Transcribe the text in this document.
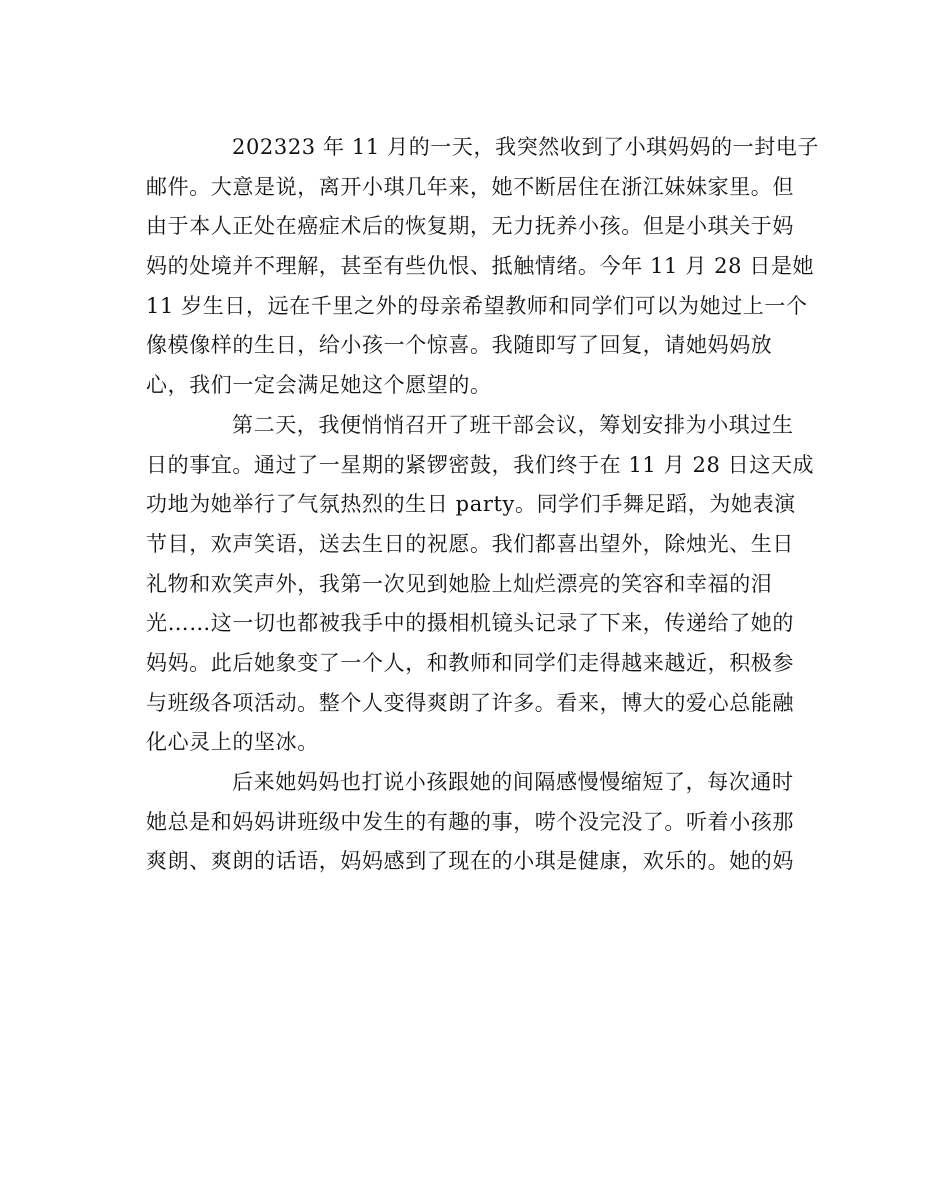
202323 年 11 月的一天，我突然收到了小琪妈妈的一封电子
邮件。大意是说，离开小琪几年来，她不断居住在浙江妹妹家里。但
由于本人正处在癌症术后的恢复期，无力抚养小孩。但是小琪关于妈
妈的处境并不理解，甚至有些仇恨、抵触情绪。今年 11 月 28 日是她
11 岁生日，远在千里之外的母亲希望教师和同学们可以为她过上一个
像模像样的生日，给小孩一个惊喜。我随即写了回复，请她妈妈放
心，我们一定会满足她这个愿望的。
第二天，我便悄悄召开了班干部会议，筹划安排为小琪过生
日的事宜。通过了一星期的紧锣密鼓，我们终于在 11 月 28 日这天成
功地为她举行了气氛热烈的生日 party。同学们手舞足蹈，为她表演
节目，欢声笑语，送去生日的祝愿。我们都喜出望外，除烛光、生日
礼物和欢笑声外，我第一次见到她脸上灿烂漂亮的笑容和幸福的泪
光……这一切也都被我手中的摄相机镜头记录了下来，传递给了她的
妈妈。此后她象变了一个人，和教师和同学们走得越来越近，积极参
与班级各项活动。整个人变得爽朗了许多。看来，博大的爱心总能融
化心灵上的坚冰。
后来她妈妈也打说小孩跟她的间隔感慢慢缩短了，每次通时
她总是和妈妈讲班级中发生的有趣的事，唠个没完没了。听着小孩那
爽朗、爽朗的话语，妈妈感到了现在的小琪是健康，欢乐的。她的妈
